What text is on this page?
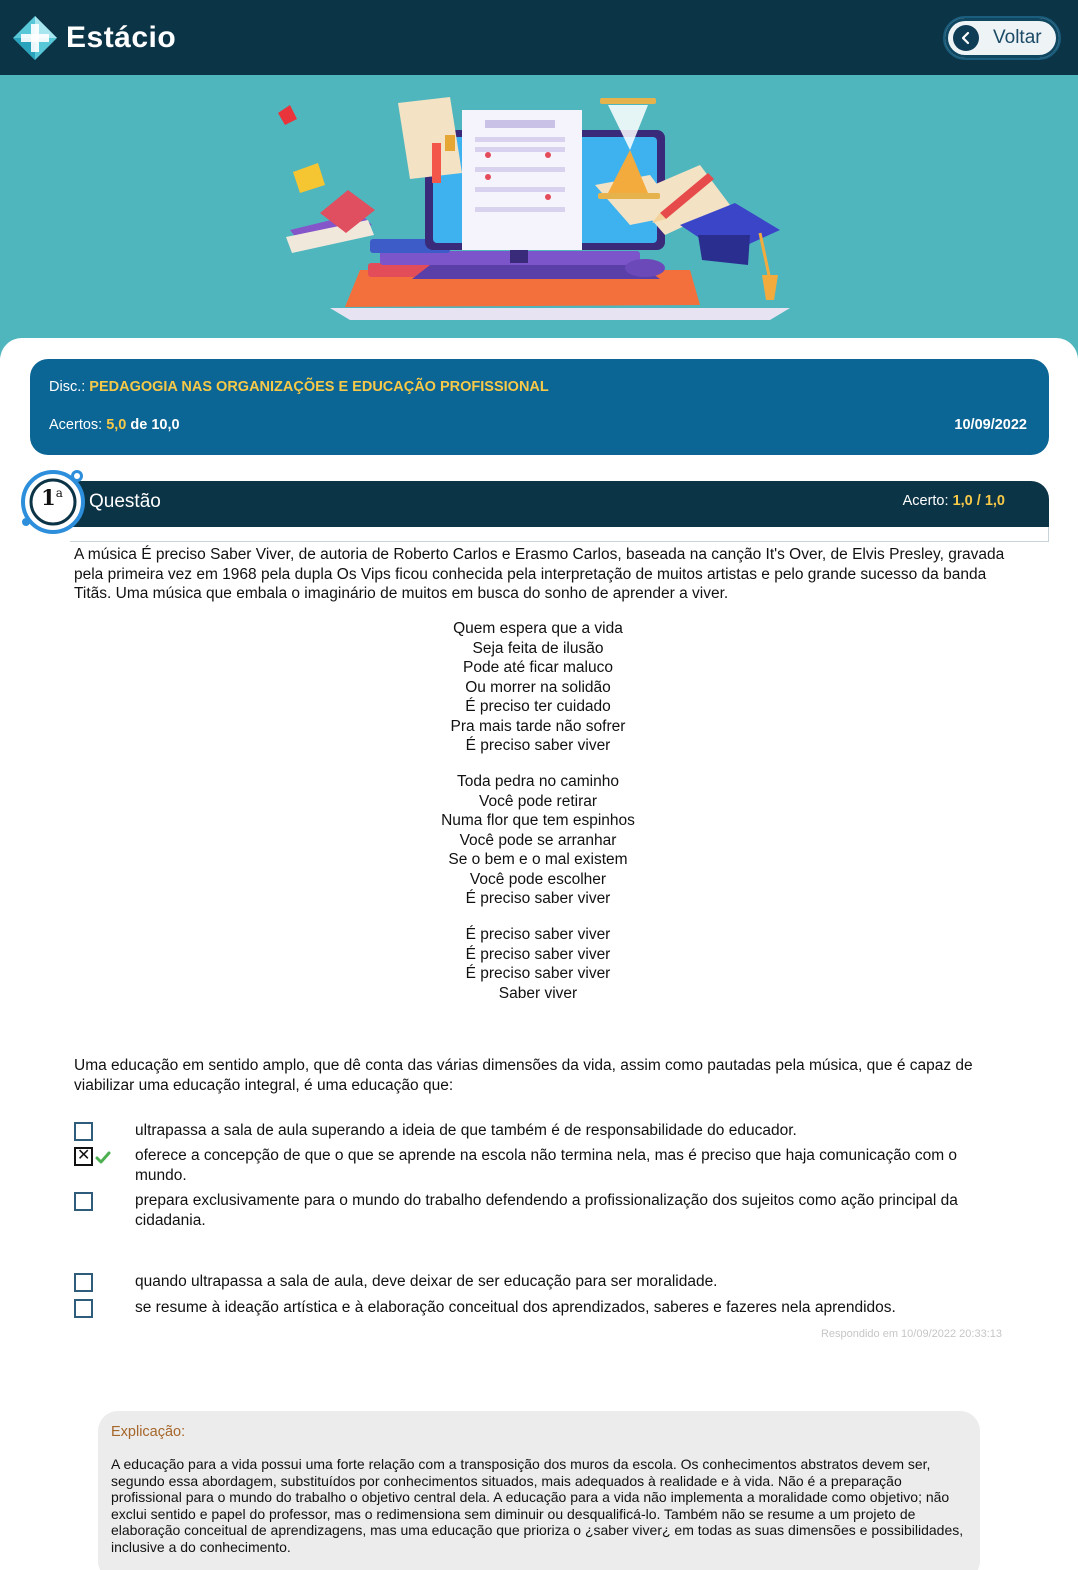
Estácio	Voltar
Disc.: PEDAGOGIA NAS ORGANIZAÇÕES E EDUCAÇÃO PROFISSIONAL
Acertos: 5,0 de 10,0	10/09/2022
Questão	Acerto: 1,0 / 1,0
1$^a$
A música É preciso Saber Viver, de autoria de Roberto Carlos e Erasmo Carlos, baseada na canção It's Over, de Elvis Presley, gravada pela primeira vez em 1968 pela dupla Os Vips ficou conhecida pela interpretação de muitos artistas e pelo grande sucesso da banda Titãs. Uma música que embala o imaginário de muitos em busca do sonho de aprender a viver.
Quem espera que a vida
Seja feita de ilusão
Pode até ficar maluco
Ou morrer na solidão
É preciso ter cuidado
Pra mais tarde não sofrer
É preciso saber viver
Toda pedra no caminho
Você pode retirar
Numa flor que tem espinhos
Você pode se arranhar
Se o bem e o mal existem
Você pode escolher
É preciso saber viver
É preciso saber viver
É preciso saber viver
É preciso saber viver
Saber viver
Uma educação em sentido amplo, que dê conta das várias dimensões da vida, assim como pautadas pela música, que é capaz de viabilizar uma educação integral, é uma educação que:
ultrapassa a sala de aula superando a ideia de que também é de responsabilidade do educador.
✕	oferece a concepção de que o que se aprende na escola não termina nela, mas é preciso que haja comunicação com o mundo.
prepara exclusivamente para o mundo do trabalho defendendo a profissionalização dos sujeitos como ação principal da cidadania.
quando ultrapassa a sala de aula, deve deixar de ser educação para ser moralidade.
se resume à ideação artística e à elaboração conceitual dos aprendizados, saberes e fazeres nela aprendidos.
Respondido em 10/09/2022 20:33:13
Explicação:
A educação para a vida possui uma forte relação com a transposição dos muros da escola. Os conhecimentos abstratos devem ser, segundo essa abordagem, substituídos por conhecimentos situados, mais adequados à realidade e à vida. Não é a preparação profissional para o mundo do trabalho o objetivo central dela. A educação para a vida não implementa a moralidade como objetivo; não exclui sentido e papel do professor, mas o redimensiona sem diminuir ou desqualificá-lo. Também não se resume a um projeto de elaboração conceitual de aprendizagens, mas uma educação que prioriza o ¿saber viver¿ em todas as suas dimensões e possibilidades, inclusive a do conhecimento.
